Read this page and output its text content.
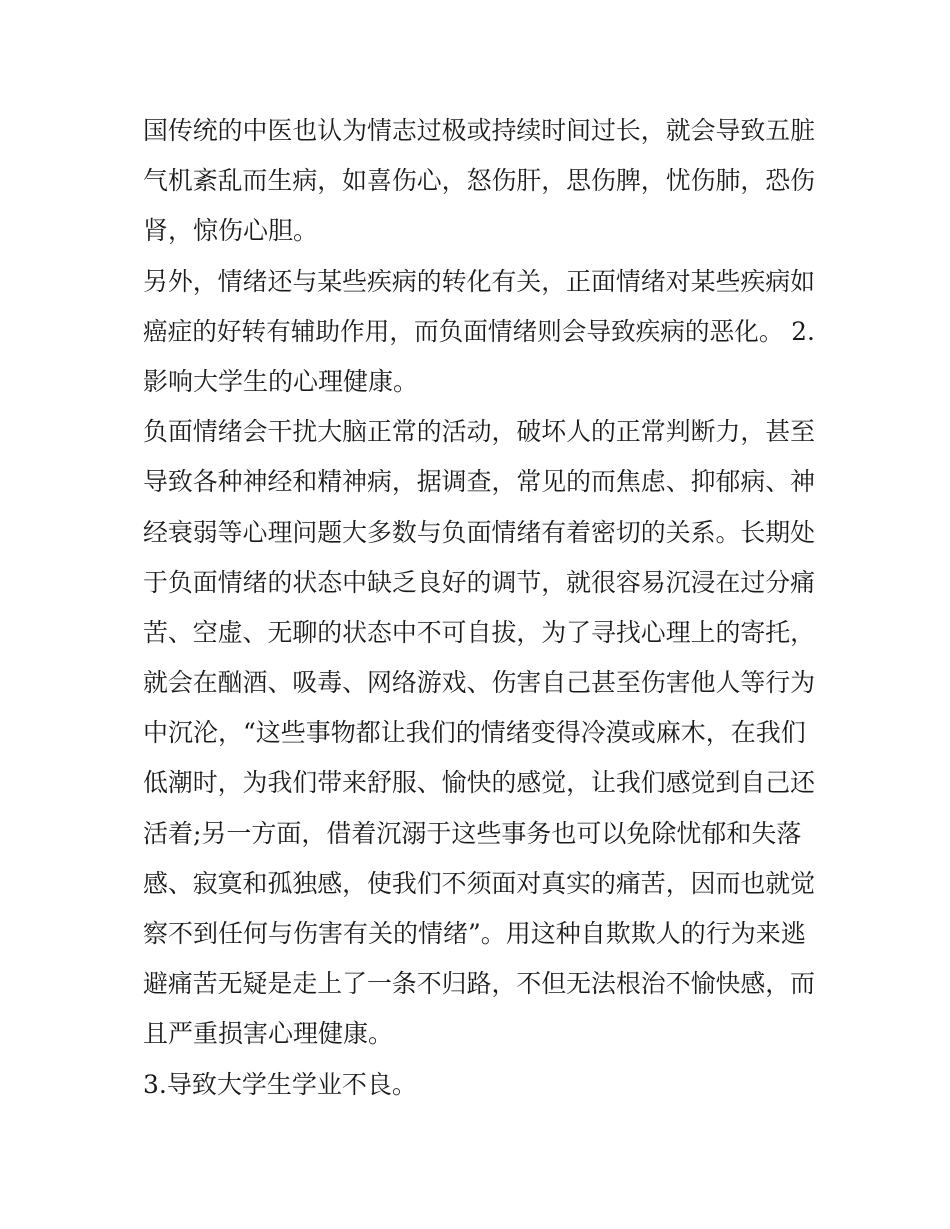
国传统的中医也认为情志过极或持续时间过长，就会导致五脏
气机紊乱而生病，如喜伤心，怒伤肝，思伤脾，忧伤肺，恐伤
肾，惊伤心胆。
另外，情绪还与某些疾病的转化有关，正面情绪对某些疾病如
癌症的好转有辅助作用，而负面情绪则会导致疾病的恶化。 2.
影响大学生的心理健康。
负面情绪会干扰大脑正常的活动，破坏人的正常判断力，甚至
导致各种神经和精神病，据调查，常见的而焦虑、抑郁病、神
经衰弱等心理问题大多数与负面情绪有着密切的关系。长期处
于负面情绪的状态中缺乏良好的调节，就很容易沉浸在过分痛
苦、空虚、无聊的状态中不可自拔，为了寻找心理上的寄托，
就会在酗酒、吸毒、网络游戏、伤害自己甚至伤害他人等行为
中沉沦，“这些事物都让我们的情绪变得冷漠或麻木，在我们
低潮时，为我们带来舒服、愉快的感觉，让我们感觉到自己还
活着;另一方面，借着沉溺于这些事务也可以免除忧郁和失落
感、寂寞和孤独感，使我们不须面对真实的痛苦，因而也就觉
察不到任何与伤害有关的情绪”。用这种自欺欺人的行为来逃
避痛苦无疑是走上了一条不归路，不但无法根治不愉快感，而
且严重损害心理健康。
3.导致大学生学业不良。
